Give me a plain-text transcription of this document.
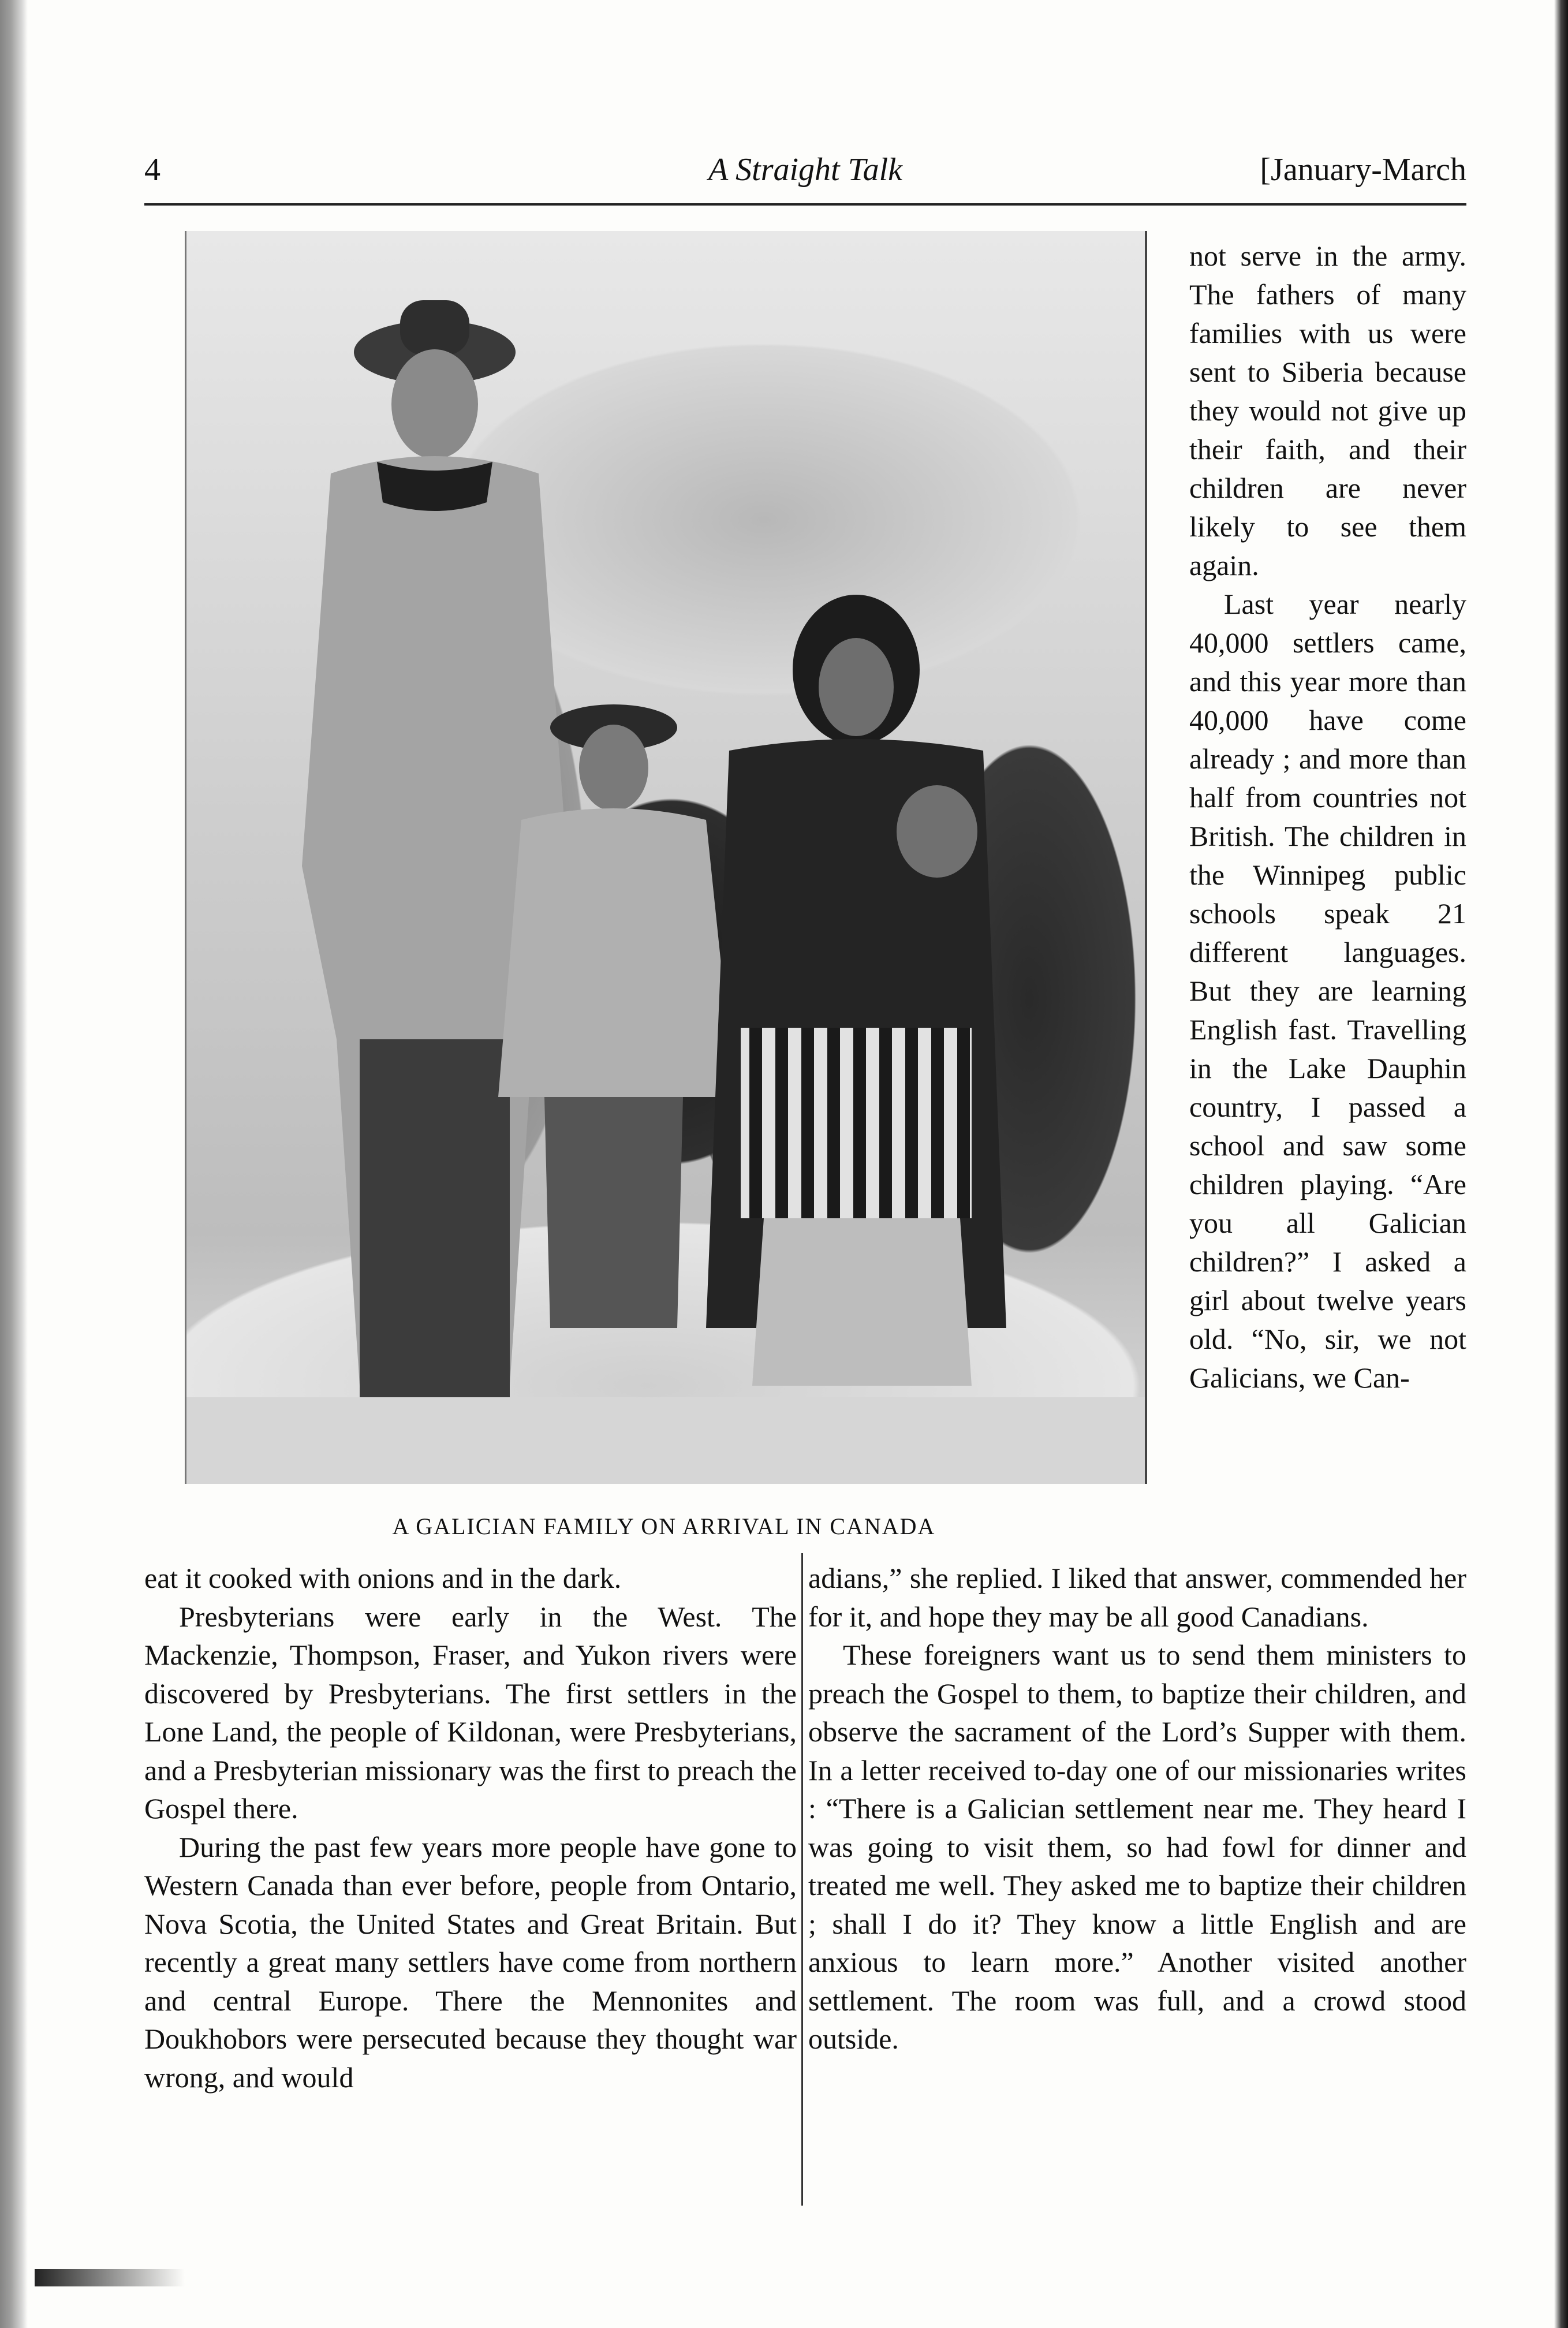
4	A Straight Talk	[January-March
A GALICIAN FAMILY ON ARRIVAL IN CANADA

not serve in the army. The fathers of many families with us were sent to Siberia because they would not give up their faith, and their children are never likely to see them again.

Last year nearly 40,000 settlers came, and this year more than 40,000 have come already ; and more than half from countries not British. The children in the Winnipeg public schools speak 21 different languages. But they are learning English fast. Travelling in the Lake Dauphin country, I passed a school and saw some children playing. “Are you all Galician children?” I asked a girl about twelve years old. “No, sir, we not Galicians, we Can-

eat it cooked with onions and in the dark.

Presbyterians were early in the West. The Mackenzie, Thompson, Fraser, and Yukon rivers were discovered by Presbyterians. The first settlers in the Lone Land, the people of Kildonan, were Presbyterians, and a Presbyterian missionary was the first to preach the Gospel there.

During the past few years more people have gone to Western Canada than ever before, people from Ontario, Nova Scotia, the United States and Great Britain. But recently a great many settlers have come from northern and central Europe. There the Mennonites and Doukhobors were persecuted because they thought war wrong, and would

adians,” she replied. I liked that answer, commended her for it, and hope they may be all good Canadians.

These foreigners want us to send them ministers to preach the Gospel to them, to baptize their children, and observe the sacrament of the Lord’s Supper with them. In a letter received to-day one of our missionaries writes : “There is a Galician settlement near me. They heard I was going to visit them, so had fowl for dinner and treated me well. They asked me to baptize their children ; shall I do it? They know a little English and are anxious to learn more.” Another visited another settlement. The room was full, and a crowd stood outside.
